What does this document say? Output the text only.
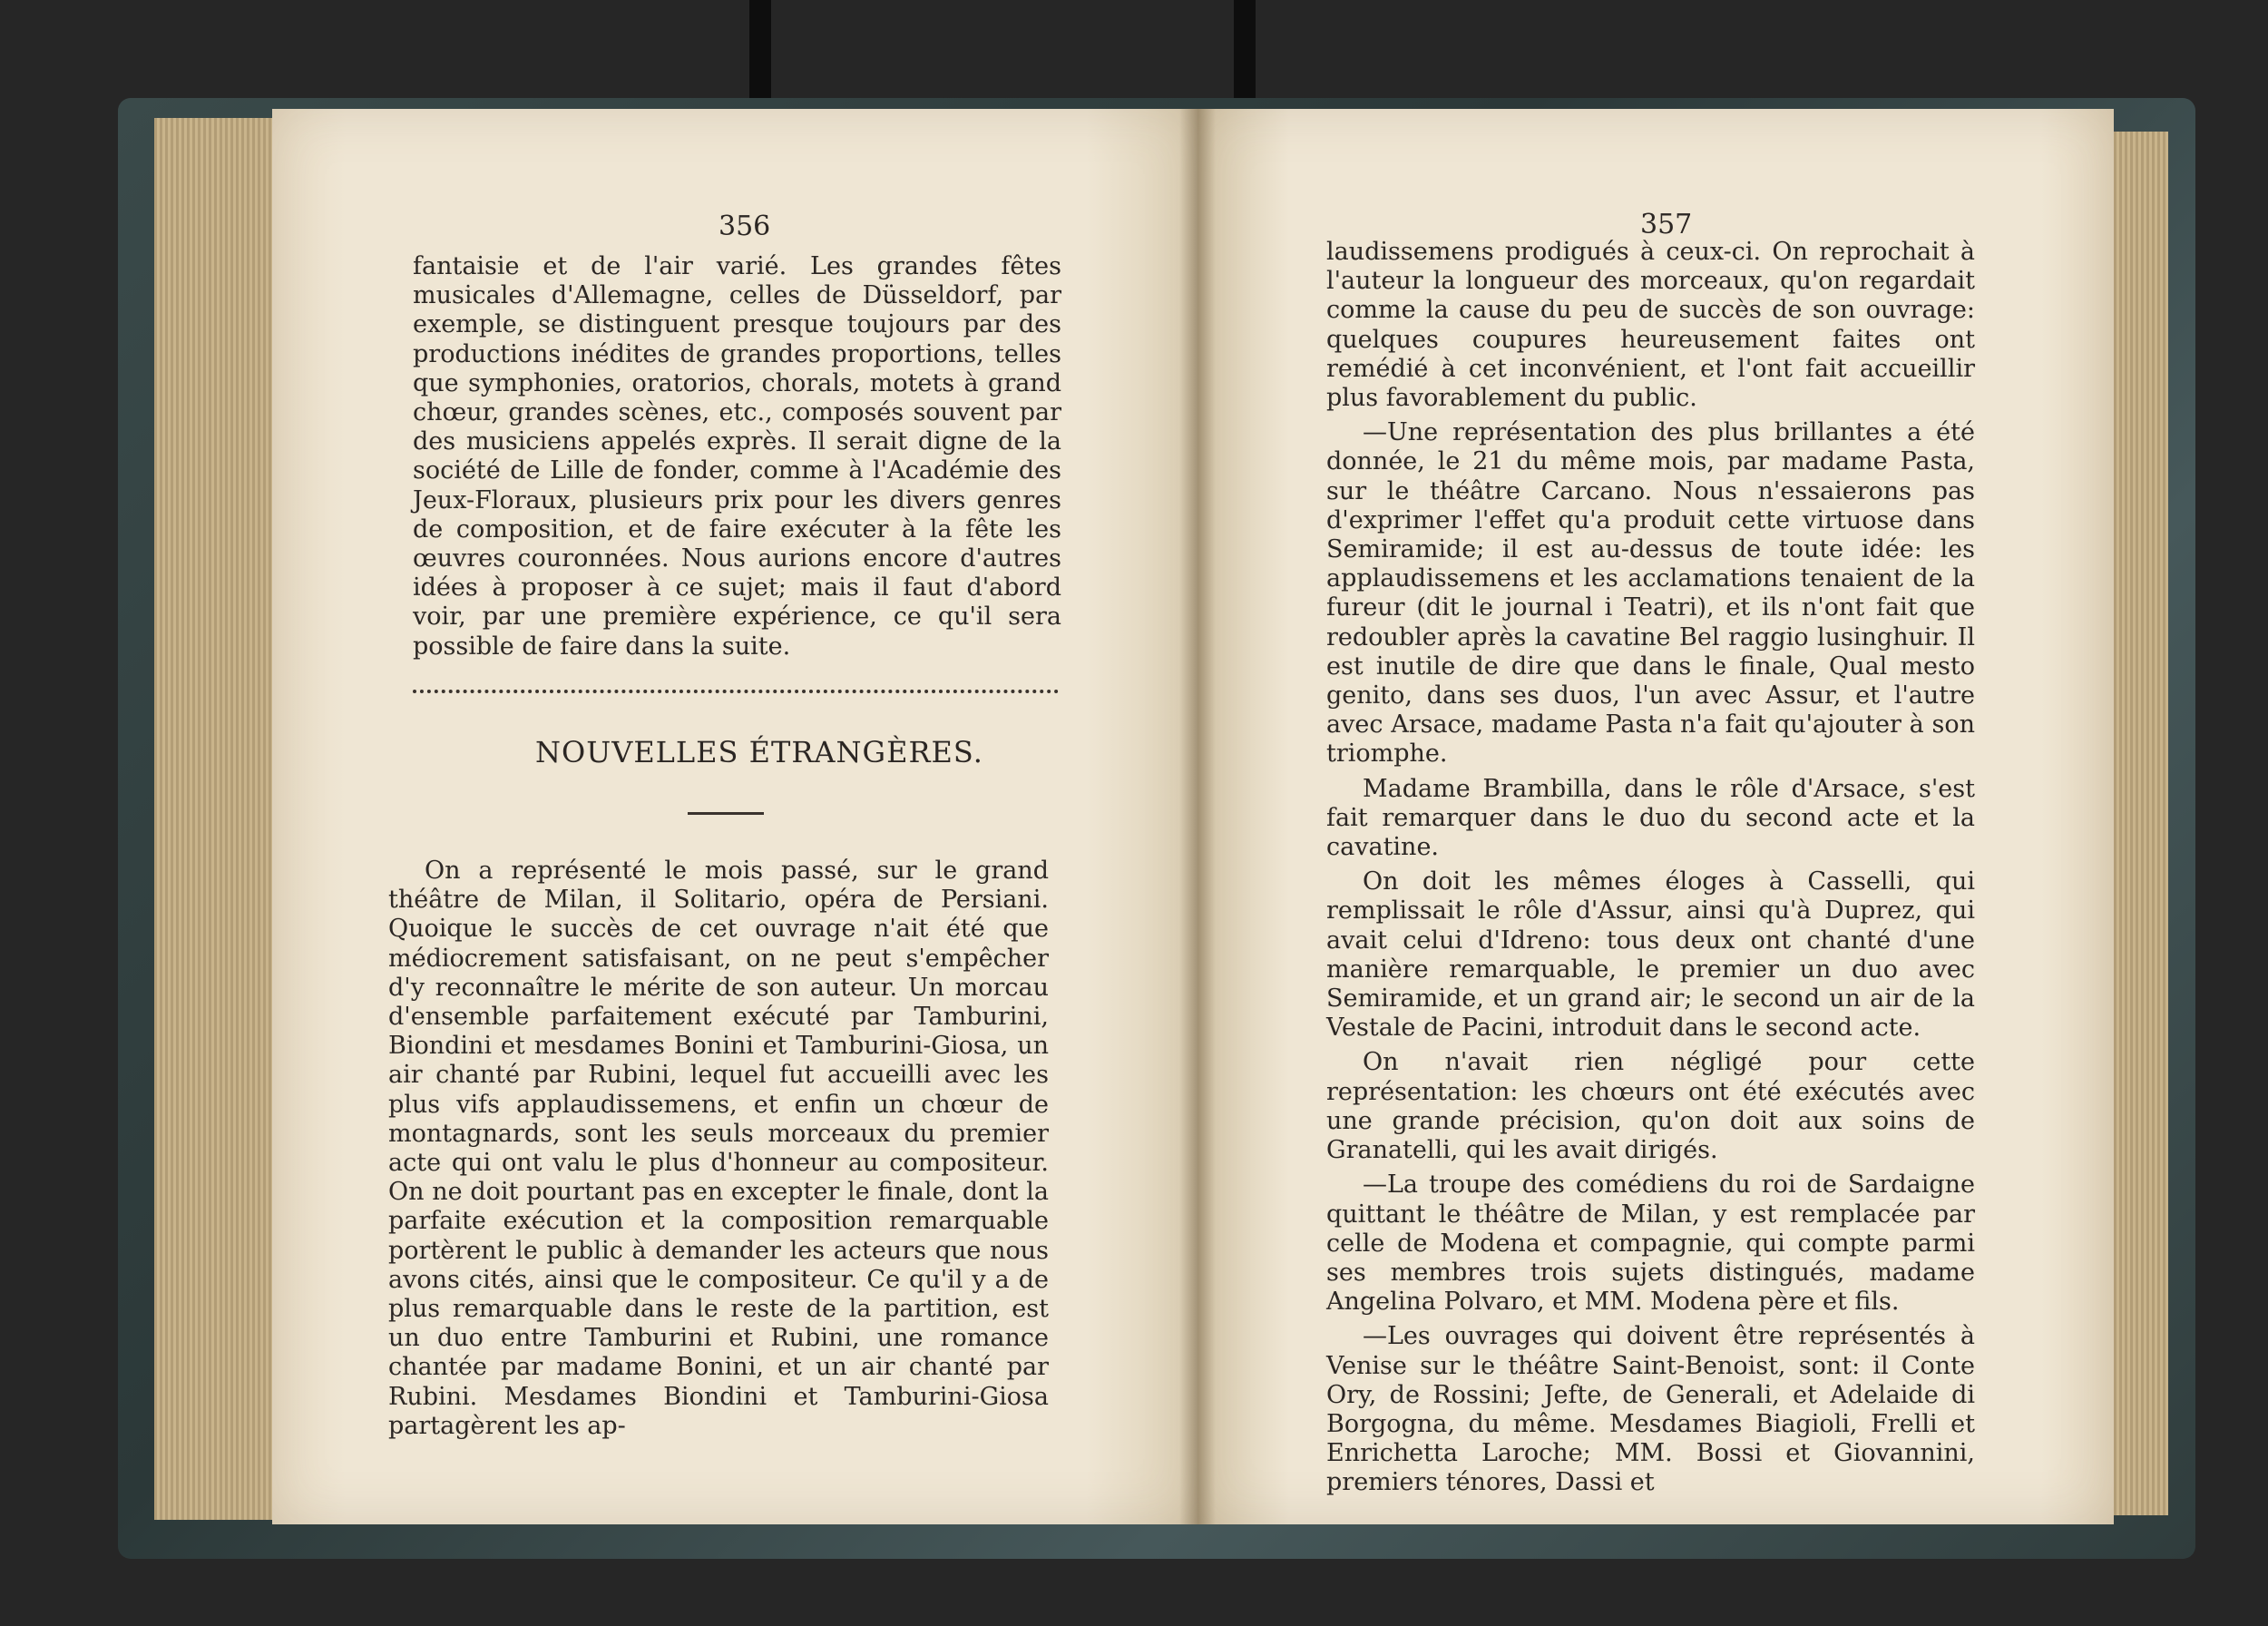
356

fantaisie et de l'air varié. Les grandes fêtes musicales d'Allemagne, celles de Düsseldorf, par exemple, se distinguent presque toujours par des productions inédites de grandes proportions, telles que symphonies, oratorios, chorals, motets à grand chœur, grandes scènes, etc., composés souvent par des musiciens appelés exprès. Il serait digne de la société de Lille de fonder, comme à l'Académie des Jeux-Floraux, plusieurs prix pour les divers genres de composition, et de faire exécuter à la fête les œuvres couronnées. Nous aurions encore d'autres idées à proposer à ce sujet; mais il faut d'abord voir, par une première expérience, ce qu'il sera possible de faire dans la suite.

NOUVELLES ÉTRANGÈRES.

On a représenté le mois passé, sur le grand théâtre de Milan, il Solitario, opéra de Persiani. Quoique le succès de cet ouvrage n'ait été que médiocrement satisfaisant, on ne peut s'empêcher d'y reconnaître le mérite de son auteur. Un morcau d'ensemble parfaitement exécuté par Tamburini, Biondini et mesdames Bonini et Tamburini-Giosa, un air chanté par Rubini, lequel fut accueilli avec les plus vifs applaudissemens, et enfin un chœur de montagnards, sont les seuls morceaux du premier acte qui ont valu le plus d'honneur au compositeur. On ne doit pourtant pas en excepter le finale, dont la parfaite exécution et la composition remarquable portèrent le public à demander les acteurs que nous avons cités, ainsi que le compositeur. Ce qu'il y a de plus remarquable dans le reste de la partition, est un duo entre Tamburini et Rubini, une romance chantée par madame Bonini, et un air chanté par Rubini. Mesdames Biondini et Tamburini-Giosa partagèrent les ap-

357

laudissemens prodigués à ceux-ci. On reprochait à l'auteur la longueur des morceaux, qu'on regardait comme la cause du peu de succès de son ouvrage: quelques coupures heureusement faites ont remédié à cet inconvénient, et l'ont fait accueillir plus favorablement du public.

—Une représentation des plus brillantes a été donnée, le 21 du même mois, par madame Pasta, sur le théâtre Carcano. Nous n'essaierons pas d'exprimer l'effet qu'a produit cette virtuose dans Semiramide; il est au-dessus de toute idée: les applaudissemens et les acclamations tenaient de la fureur (dit le journal i Teatri), et ils n'ont fait que redoubler après la cavatine Bel raggio lusinghuir. Il est inutile de dire que dans le finale, Qual mesto genito, dans ses duos, l'un avec Assur, et l'autre avec Arsace, madame Pasta n'a fait qu'ajouter à son triomphe.

Madame Brambilla, dans le rôle d'Arsace, s'est fait remarquer dans le duo du second acte et la cavatine.

On doit les mêmes éloges à Casselli, qui remplissait le rôle d'Assur, ainsi qu'à Duprez, qui avait celui d'Idreno: tous deux ont chanté d'une manière remarquable, le premier un duo avec Semiramide, et un grand air; le second un air de la Vestale de Pacini, introduit dans le second acte.

On n'avait rien négligé pour cette représentation: les chœurs ont été exécutés avec une grande précision, qu'on doit aux soins de Granatelli, qui les avait dirigés.

—La troupe des comédiens du roi de Sardaigne quittant le théâtre de Milan, y est remplacée par celle de Modena et compagnie, qui compte parmi ses membres trois sujets distingués, madame Angelina Polvaro, et MM. Modena père et fils.

—Les ouvrages qui doivent être représentés à Venise sur le théâtre Saint-Benoist, sont: il Conte Ory, de Rossini; Jefte, de Generali, et Adelaide di Borgogna, du même. Mesdames Biagioli, Frelli et Enrichetta Laroche; MM. Bossi et Giovannini, premiers ténores, Dassi et
